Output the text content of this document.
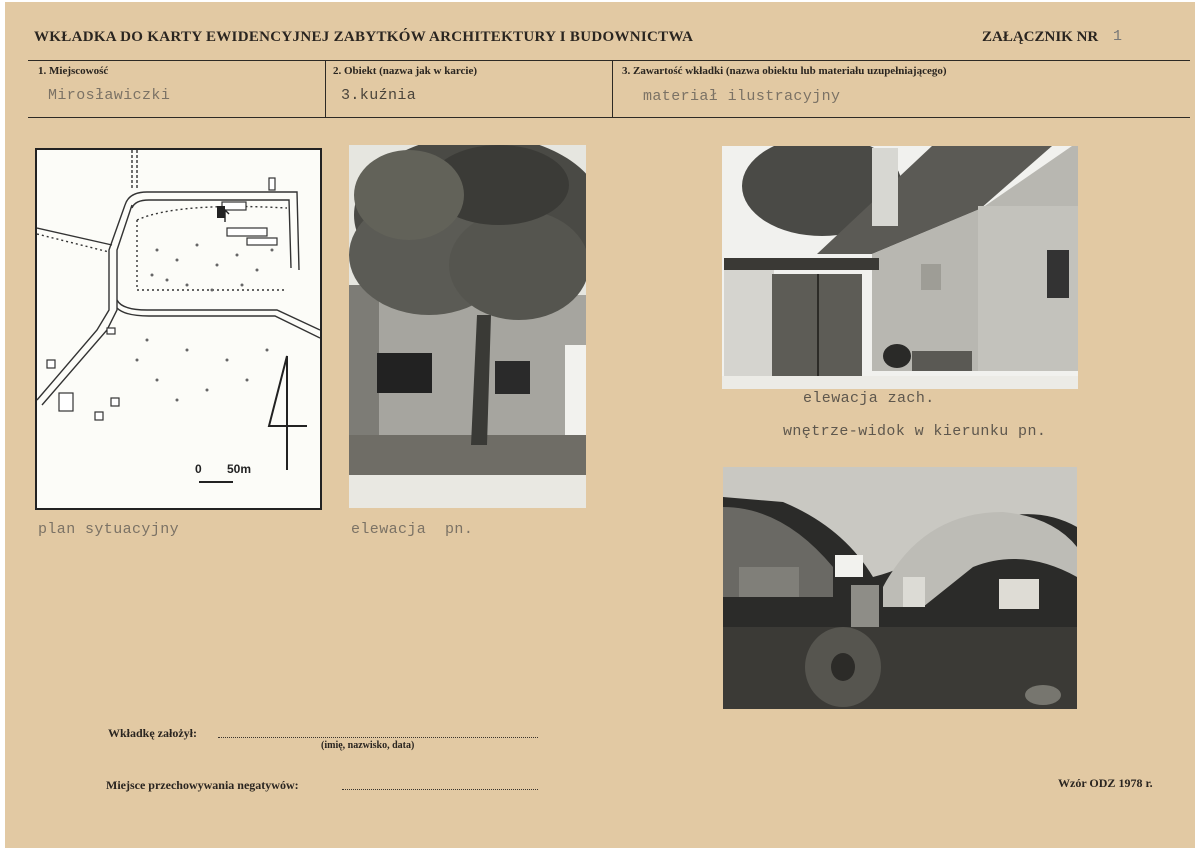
WKŁADKA DO KARTY EWIDENCYJNEJ ZABYTKÓW ARCHITEKTURY I BUDOWNICTWA	ZAŁĄCZNIK NR 1
1. Miejscowość
Mirosławiczki
2. Obiekt (nazwa jak w karcie)
3.kuźnia
3. Zawartość wkładki (nazwa obiektu lub materiału uzupełniającego)
materiał ilustracyjny
0 50m
plan sytuacyjny	elewacja  pn.
elewacja zach.
wnętrze-widok w kierunku pn.
Wkładkę założył:
(imię, nazwisko, data)
Miejsce przechowywania negatywów:	Wzór ODZ 1978 r.
